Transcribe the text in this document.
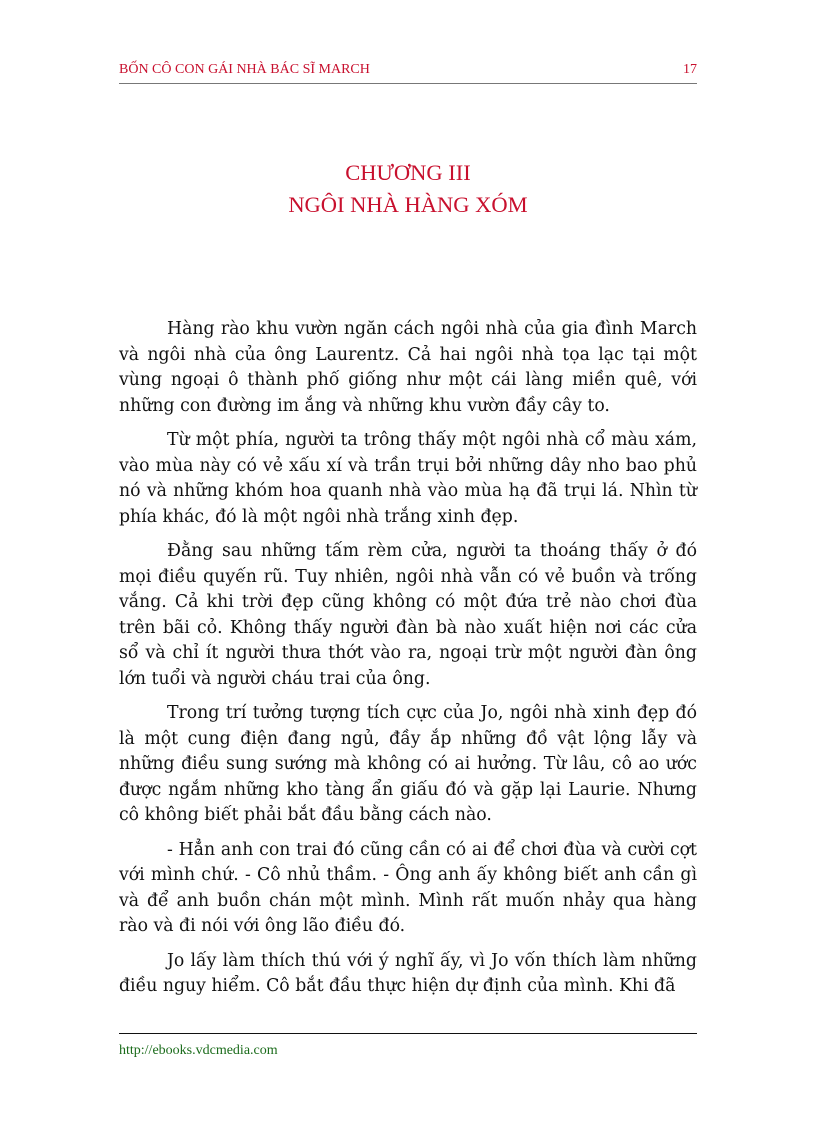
BỐN CÔ CON GÁI NHÀ BÁC SĨ MARCH	17
CHƯƠNG III
NGÔI NHÀ HÀNG XÓM

Hàng rào khu vườn ngăn cách ngôi nhà của gia đình March và ngôi nhà của ông Laurentz. Cả hai ngôi nhà tọa lạc tại một vùng ngoại ô thành phố giống như một cái làng miền quê, với những con đường im ắng và những khu vườn đầy cây to.

Từ một phía, người ta trông thấy một ngôi nhà cổ màu xám, vào mùa này có vẻ xấu xí và trần trụi bởi những dây nho bao phủ nó và những khóm hoa quanh nhà vào mùa hạ đã trụi lá. Nhìn từ phía khác, đó là một ngôi nhà trắng xinh đẹp.

Đằng sau những tấm rèm cửa, người ta thoáng thấy ở đó mọi điều quyến rũ. Tuy nhiên, ngôi nhà vẫn có vẻ buồn và trống vắng. Cả khi trời đẹp cũng không có một đứa trẻ nào chơi đùa trên bãi cỏ. Không thấy người đàn bà nào xuất hiện nơi các cửa sổ và chỉ ít người thưa thớt vào ra, ngoại trừ một người đàn ông lớn tuổi và người cháu trai của ông.

Trong trí tưởng tượng tích cực của Jo, ngôi nhà xinh đẹp đó là một cung điện đang ngủ, đầy ắp những đồ vật lộng lẫy và những điều sung sướng mà không có ai hưởng. Từ lâu, cô ao ước được ngắm những kho tàng ẩn giấu đó và gặp lại Laurie. Nhưng cô không biết phải bắt đầu bằng cách nào.

- Hẳn anh con trai đó cũng cần có ai để chơi đùa và cười cợt với mình chứ. - Cô nhủ thầm. - Ông anh ấy không biết anh cần gì và để anh buồn chán một mình. Mình rất muốn nhảy qua hàng rào và đi nói với ông lão điều đó.

Jo lấy làm thích thú với ý nghĩ ấy, vì Jo vốn thích làm những điều nguy hiểm. Cô bắt đầu thực hiện dự định của mình. Khi đã

http://ebooks.vdcmedia.com
